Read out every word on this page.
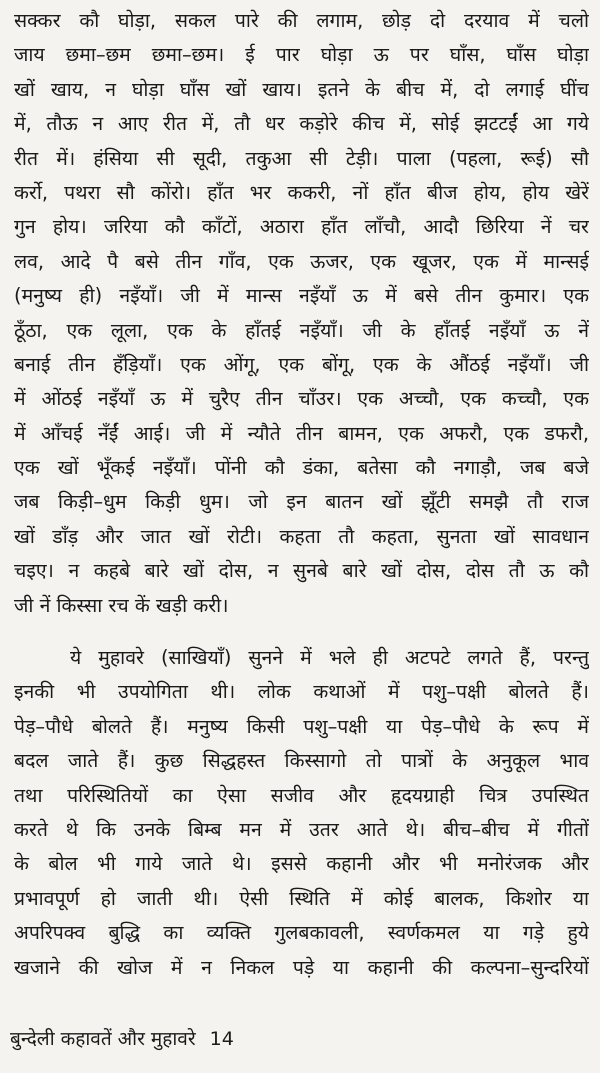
सक्कर कौ घोड़ा, सकल पारे की लगाम, छोड़ दो दरयाव में चलो
जाय छमा–छम छमा–छम। ई पार घोड़ा ऊ पर घाँस, घाँस घोड़ा
खों खाय, न घोड़ा घाँस खों खाय। इतने के बीच में, दो लगाई घींच
में, तौऊ न आए रीत में, तौ धर कड़ोरे कीच में, सोई झटटईं आ गये
रीत में। हंसिया सी सूदी, तकुआ सी टेड़ी। पाला (पहला, रूई) सौ
कर्रो, पथरा सौ कोंरो। हाँत भर ककरी, नों हाँत बीज होय, होय खेरें
गुन होय। जरिया कौ काँटों, अठारा हाँत लाँचौ, आदौ छिरिया नें चर
लव, आदे पै बसे तीन गाँव, एक ऊजर, एक खूजर, एक में मान्सई
(मनुष्य ही) नइँयाँ। जी में मान्स नइँयाँ ऊ में बसे तीन कुमार। एक
ठूँठा, एक लूला, एक के हाँतई नइँयाँ। जी के हाँतई नइँयाँ ऊ नें
बनाई तीन हँड़ियाँ। एक ओंगू, एक बोंगू, एक के औंठई नइँयाँ। जी
में ओंठई नइँयाँ ऊ में चुरैए तीन चाँउर। एक अच्चौ, एक कच्चौ, एक
में आँचई नँईं आई। जी में न्यौते तीन बामन, एक अफरौ, एक डफरौ,
एक खों भूँकई नइँयाँ। पोंनी कौ डंका, बतेसा कौ नगाड़ौ, जब बजे
जब किड़ी–धुम किड़ी धुम। जो इन बातन खों झूँटी समझै तौ राज
खों डाँड़ और जात खों रोटी। कहता तौ कहता, सुनता खों सावधान
चइए। न कहबे बारे खों दोस, न सुनबे बारे खों दोस, दोस तौ ऊ कौ
जी नें किस्सा रच कें खड़ी करी।
ये मुहावरे (साखियाँ) सुनने में भले ही अटपटे लगते हैं, परन्तु
इनकी भी उपयोगिता थी। लोक कथाओं में पशु–पक्षी बोलते हैं।
पेड़–पौधे बोलते हैं। मनुष्य किसी पशु–पक्षी या पेड़–पौधे के रूप में
बदल जाते हैं। कुछ सिद्धहस्त किस्सागो तो पात्रों के अनुकूल भाव
तथा परिस्थितियों का ऐसा सजीव और हृदयग्राही चित्र उपस्थित
करते थे कि उनके बिम्ब मन में उतर आते थे। बीच–बीच में गीतों
के बोल भी गाये जाते थे। इससे कहानी और भी मनोरंजक और
प्रभावपूर्ण हो जाती थी। ऐसी स्थिति में कोई बालक, किशोर या
अपरिपक्व बुद्धि का व्यक्ति गुलबकावली, स्वर्णकमल या गड़े हुये
खजाने की खोज में न निकल पड़े या कहानी की कल्पना–सुन्दरियों
बुन्देली कहावतें और मुहावरे 14
